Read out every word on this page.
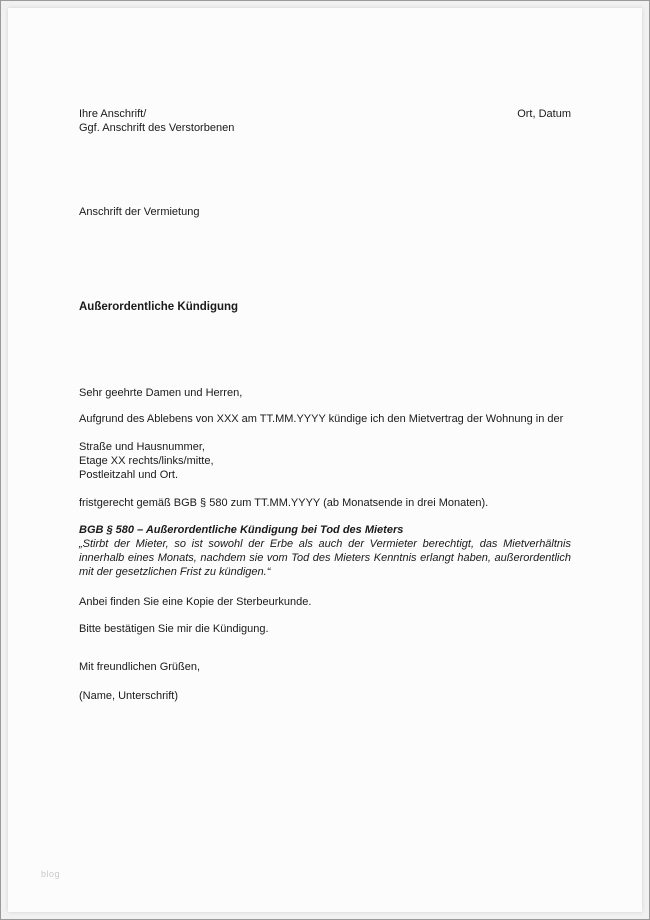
Ihre Anschrift/
Ggf. Anschrift des Verstorbenen
Ort, Datum
Anschrift der Vermietung
Außerordentliche Kündigung
Sehr geehrte Damen und Herren,
Aufgrund des Ablebens von XXX am TT.MM.YYYY kündige ich den Mietvertrag der Wohnung in der
Straße und Hausnummer,
Etage XX rechts/links/mitte,
Postleitzahl und Ort.
fristgerecht gemäß BGB § 580 zum TT.MM.YYYY (ab Monatsende in drei Monaten).
BGB § 580 – Außerordentliche Kündigung bei Tod des Mieters
„Stirbt der Mieter, so ist sowohl der Erbe als auch der Vermieter berechtigt, das Mietverhältnis innerhalb eines Monats, nachdem sie vom Tod des Mieters Kenntnis erlangt haben, außerordentlich mit der gesetzlichen Frist zu kündigen.“
Anbei finden Sie eine Kopie der Sterbeurkunde.
Bitte bestätigen Sie mir die Kündigung.
Mit freundlichen Grüßen,
(Name, Unterschrift)
blog
